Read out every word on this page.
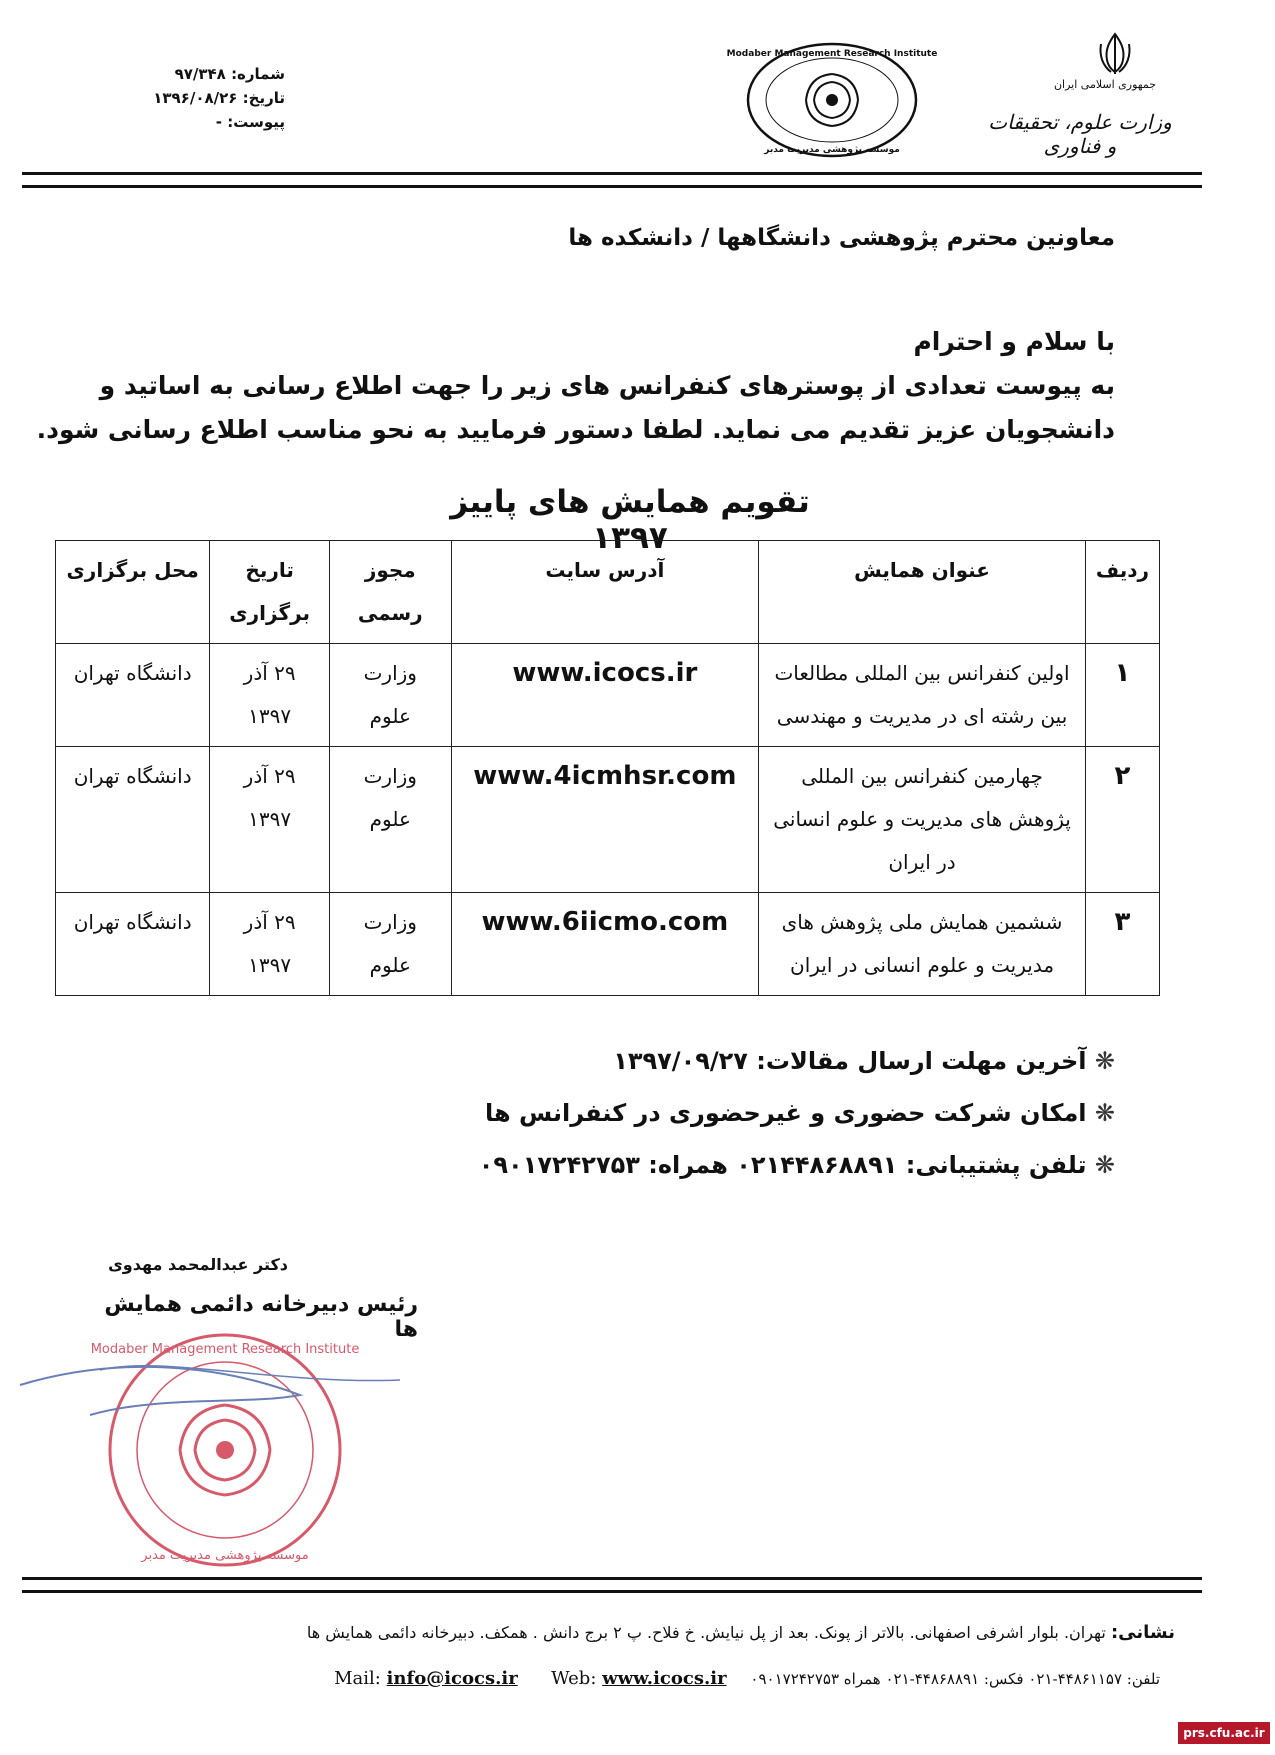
شماره: ۹۷/۳۴۸
تاریخ: ۱۳۹۶/۰۸/۲۶
پیوست: -
Modaber Management Research Institute
موسسه پژوهشی مدیریت مدبر
جمهوری اسلامی ایران
وزارت علوم، تحقیقات و فناوری
معاونین محترم پژوهشی دانشگاهها / دانشکده ها
با سلام و احترام
به پیوست تعدادی از پوسترهای کنفرانس های زیر را جهت اطلاع رسانی به اساتید و
دانشجویان عزیز تقدیم می نماید. لطفا دستور فرمایید به نحو مناسب اطلاع رسانی شود.
تقویم همایش های پاییز ۱۳۹۷
ردیف	عنوان همایش	آدرس سایت	مجوز رسمی	تاریخ برگزاری	محل برگزاری
۱	اولین کنفرانس بین المللی مطالعات بین رشته ای در مدیریت و مهندسی	www.icocs.ir	وزارت علوم	۲۹ آذر ۱۳۹۷	دانشگاه تهران
۲	چهارمین کنفرانس بین المللی پژوهش های مدیریت و علوم انسانی در ایران	www.4icmhsr.com	وزارت علوم	۲۹ آذر ۱۳۹۷	دانشگاه تهران
۳	ششمین همایش ملی پژوهش های مدیریت و علوم انسانی در ایران	www.6iicmo.com	وزارت علوم	۲۹ آذر ۱۳۹۷	دانشگاه تهران
❋ آخرین مهلت ارسال مقالات: ۱۳۹۷/۰۹/۲۷
❋ امکان شرکت حضوری و غیرحضوری در کنفرانس ها
❋ تلفن پشتیبانی: ۰۲۱۴۴۸۶۸۸۹۱ همراه: ۰۹۰۱۷۲۴۲۷۵۳
دکتر عبدالمحمد مهدوی
رئیس دبیرخانه دائمی همایش ها
Modaber Management Research Institute
موسسه پژوهشی مدیریت مدبر
نشانی: تهران. بلوار اشرفی اصفهانی. بالاتر از پونک. بعد از پل نیایش. خ فلاح. پ ۲ برج دانش . همکف. دبیرخانه دائمی همایش ها
تلفن: ۴۴۸۶۱۱۵۷-۰۲۱ فکس: ۴۴۸۶۸۸۹۱-۰۲۱ همراه ۰۹۰۱۷۲۴۲۷۵۳     Mail: info@icocs.ir Web: www.icocs.ir
prs.cfu.ac.ir
